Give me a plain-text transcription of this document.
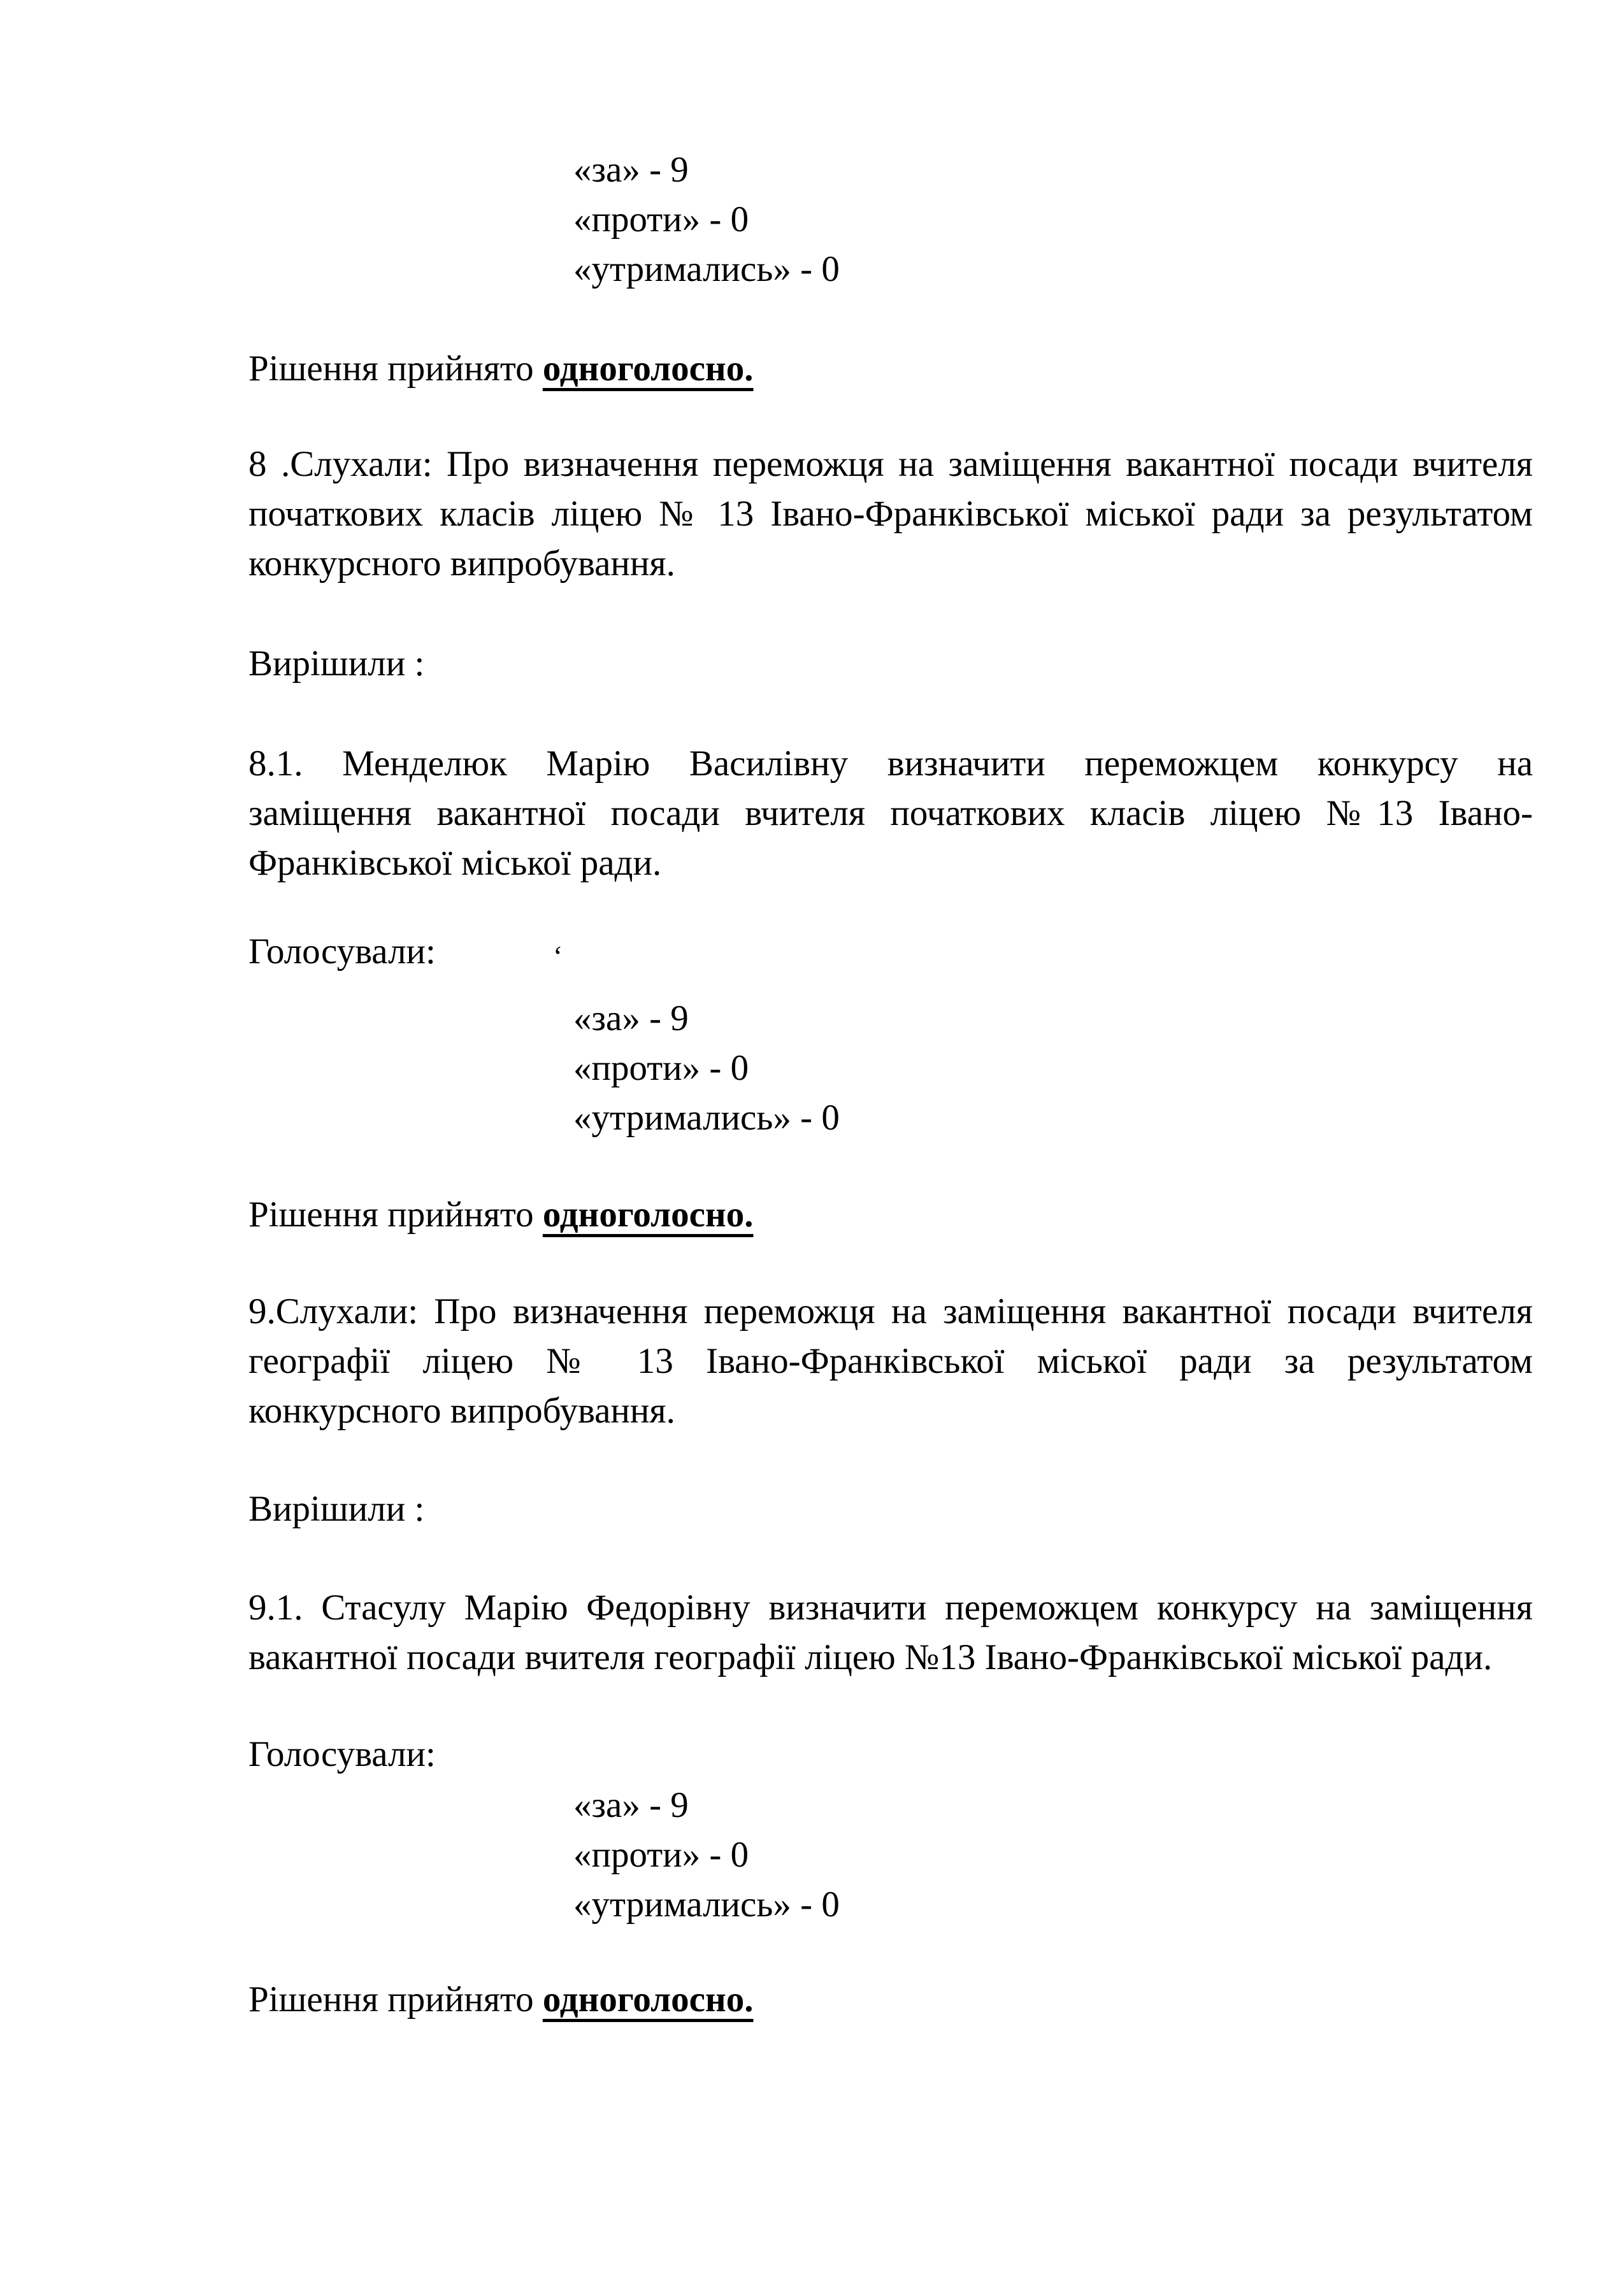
«за» - 9
«проти» - 0
«утримались» - 0
Рішення прийнято одноголосно.
8 .Слухали: Про визначення переможця на заміщення вакантної посади вчителя
початкових класів ліцею № 13 Івано-Франківської міської ради за результатом
конкурсного випробування.
Вирішили :
8.1. Менделюк Марію Василівну визначити переможцем конкурсу на
заміщення вакантної посади вчителя початкових класів ліцею №13 Івано-
Франківської міської ради.
Голосували:
«за» - 9
«проти» - 0
«утримались» - 0
Рішення прийнято одноголосно.
9.Слухали: Про визначення переможця на заміщення вакантної посади вчителя
географії ліцею № 13 Івано-Франківської міської ради за результатом
конкурсного випробування.
Вирішили :
9.1. Стасулу Марію Федорівну визначити переможцем конкурсу на заміщення
вакантної посади вчителя географії ліцею №13 Івано-Франківської міської ради.
Голосували:
«за» - 9
«проти» - 0
«утримались» - 0
Рішення прийнято одноголосно.
‘
